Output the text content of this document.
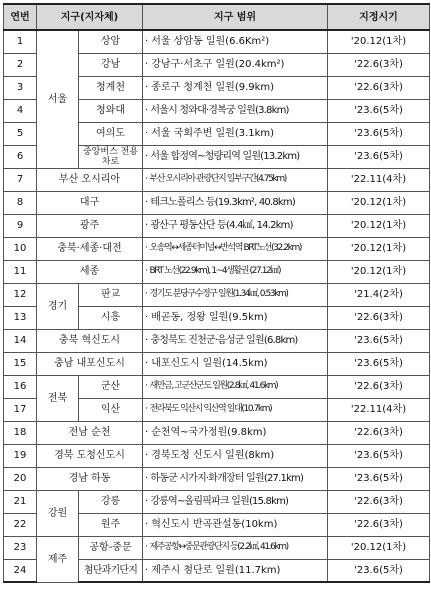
연번	지구(지자체)		지구 범위	지정시기
1	서울	상암	· 서울 상암동 일원(6.6Km²)	'20.12(1차)
2		강남	· 강남구·서초구 일원(20.4km²)	'22.6(3차)
3		청계천	· 종로구 청계천 일원(9.9km)	'22.6(3차)
4		청와대	· 서울시 청와대·경복궁 일원(3.8km)	'23.6(5차)
5		여의도	· 서울 국회주변 일원(3.1km)	'23.6(5차)
6		중앙버스 전용차로	· 서울 합정역~청량리역 일원(13.2km)	'23.6(5차)
7	부산 오시리아		· 부산 오시리아 관광단지 일부구간(4.75km)	'22.11(4차)
8	대구		· 테크노폴리스 등(19.3km², 40.8km)	'20.12(1차)
9	광주		· 광산구 평동산단 등(4.4㎢, 14.2km)	'20.12(1차)
10	충북·세종·대전		· 오송역↔세종터미널↔반석역 BRT노선(32.2km)	'20.12(1차)
11	세종		· BRT 노선(22.9km), 1~4생활권 (27.12㎢)	'20.12(1차)
12	경기	판교	· 경기도 분당구수정구 일원(1.34㎢, 0.53km)	'21.4(2차)
13		시흥	· 배곧동, 정왕 일원(9.5km)	'22.6(3차)
14	충북 혁신도시		· 충청북도 진천군·음성군 일원(6.8km)	'23.6(5차)
15	충남 내포신도시		· 내포신도시 일원(14.5km)	'23.6(5차)
16	전북	군산	· 새만금, 고군산군도 일원(2.8㎢, 41.6km)	'22.6(3차)
17		익산	· 전라북도 익산시 익산역 일대(10.7km)	'22.11(4차)
18	전남 순천		· 순천역~국가정원(9.8km)	'22.6(3차)
19	경북 도청신도시		· 경북도청 신도시 일원(8km)	'23.6(5차)
20	경남 하동		· 하동군 시가지·화개장터 일원(27.1km)	'23.6(5차)
21	강원	강릉	· 강릉역~올림픽파크 일원(15.8km)	'22.6(3차)
22		원주	· 혁신도시 반곡관설동(10km)	'22.6(3차)
23	제주	공항-중문	· 제주공항↔중문관광단지 등(2.2㎢, 41.6km)	'20.12(1차)
24		첨단과기단지	· 제주시 첨단로 일원(11.7km)	'23.6(5차)
